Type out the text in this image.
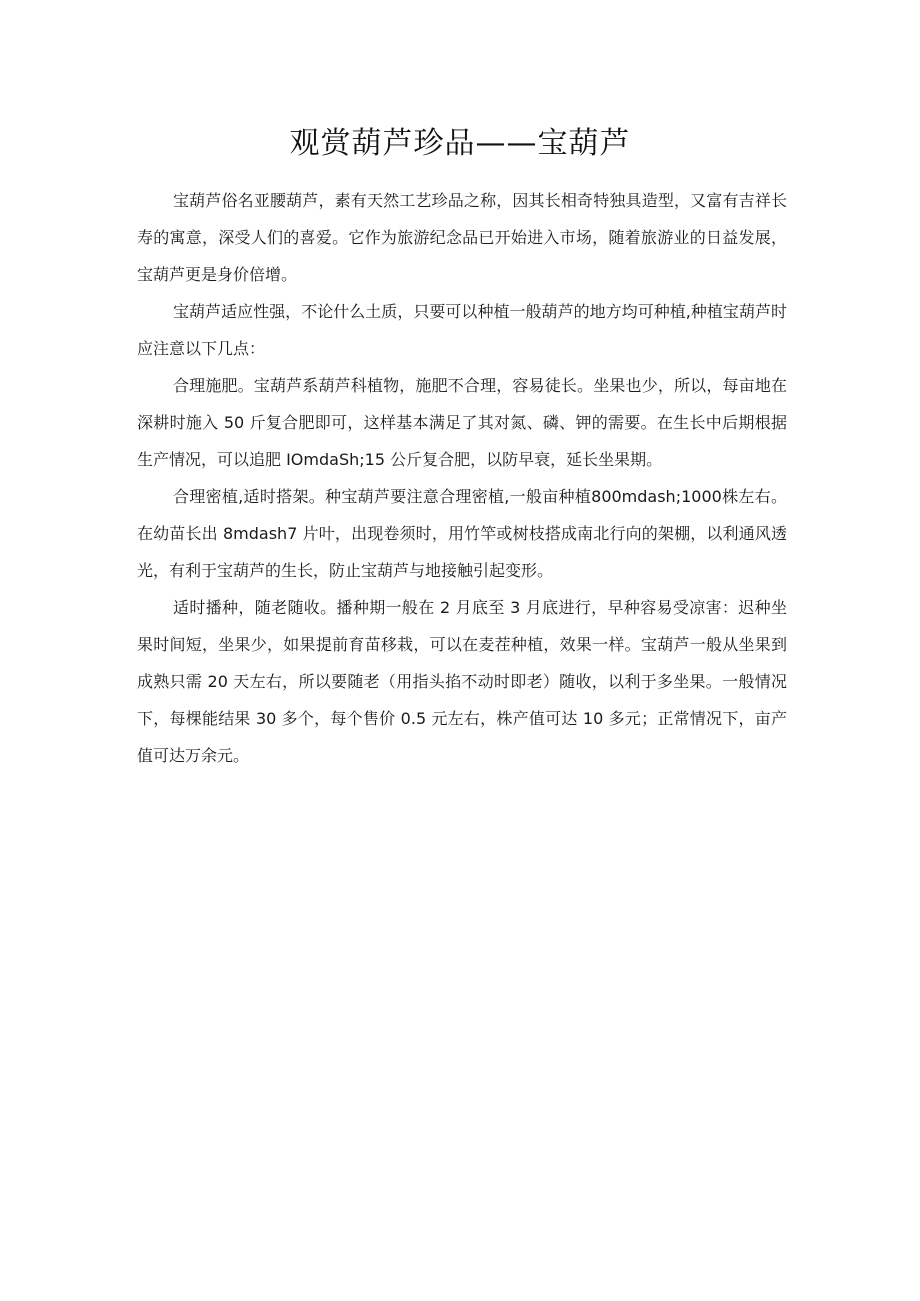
观赏葫芦珍品——宝葫芦

宝葫芦俗名亚腰葫芦，素有天然工艺珍品之称，因其长相奇特独具造型，又富有吉祥长寿的寓意，深受人们的喜爱。它作为旅游纪念品已开始进入市场，随着旅游业的日益发展，宝葫芦更是身价倍增。

宝葫芦适应性强，不论什么土质，只要可以种植一般葫芦的地方均可种植,种植宝葫芦时应注意以下几点：

合理施肥。宝葫芦系葫芦科植物，施肥不合理，容易徒长。坐果也少，所以，每亩地在深耕时施入 50 斤复合肥即可，这样基本满足了其对氮、磷、钾的需要。在生长中后期根据生产情况，可以追肥 IOmdaSh;15 公斤复合肥，以防早衰，延长坐果期。

合理密植,适时搭架。种宝葫芦要注意合理密植,一般亩种植800mdash;1000株左右。在幼苗长出 8mdash7 片叶，出现卷须时，用竹竿或树枝搭成南北行向的架棚，以利通风透光，有利于宝葫芦的生长，防止宝葫芦与地接触引起变形。

适时播种，随老随收。播种期一般在 2 月底至 3 月底进行，早种容易受凉害：迟种坐果时间短，坐果少，如果提前育苗移栽，可以在麦茬种植，效果一样。宝葫芦一般从坐果到成熟只需 20 天左右，所以要随老（用指头掐不动时即老）随收，以利于多坐果。一般情况下，每棵能结果 30 多个，每个售价 0.5 元左右，株产值可达 10 多元；正常情况下，亩产值可达万余元。
